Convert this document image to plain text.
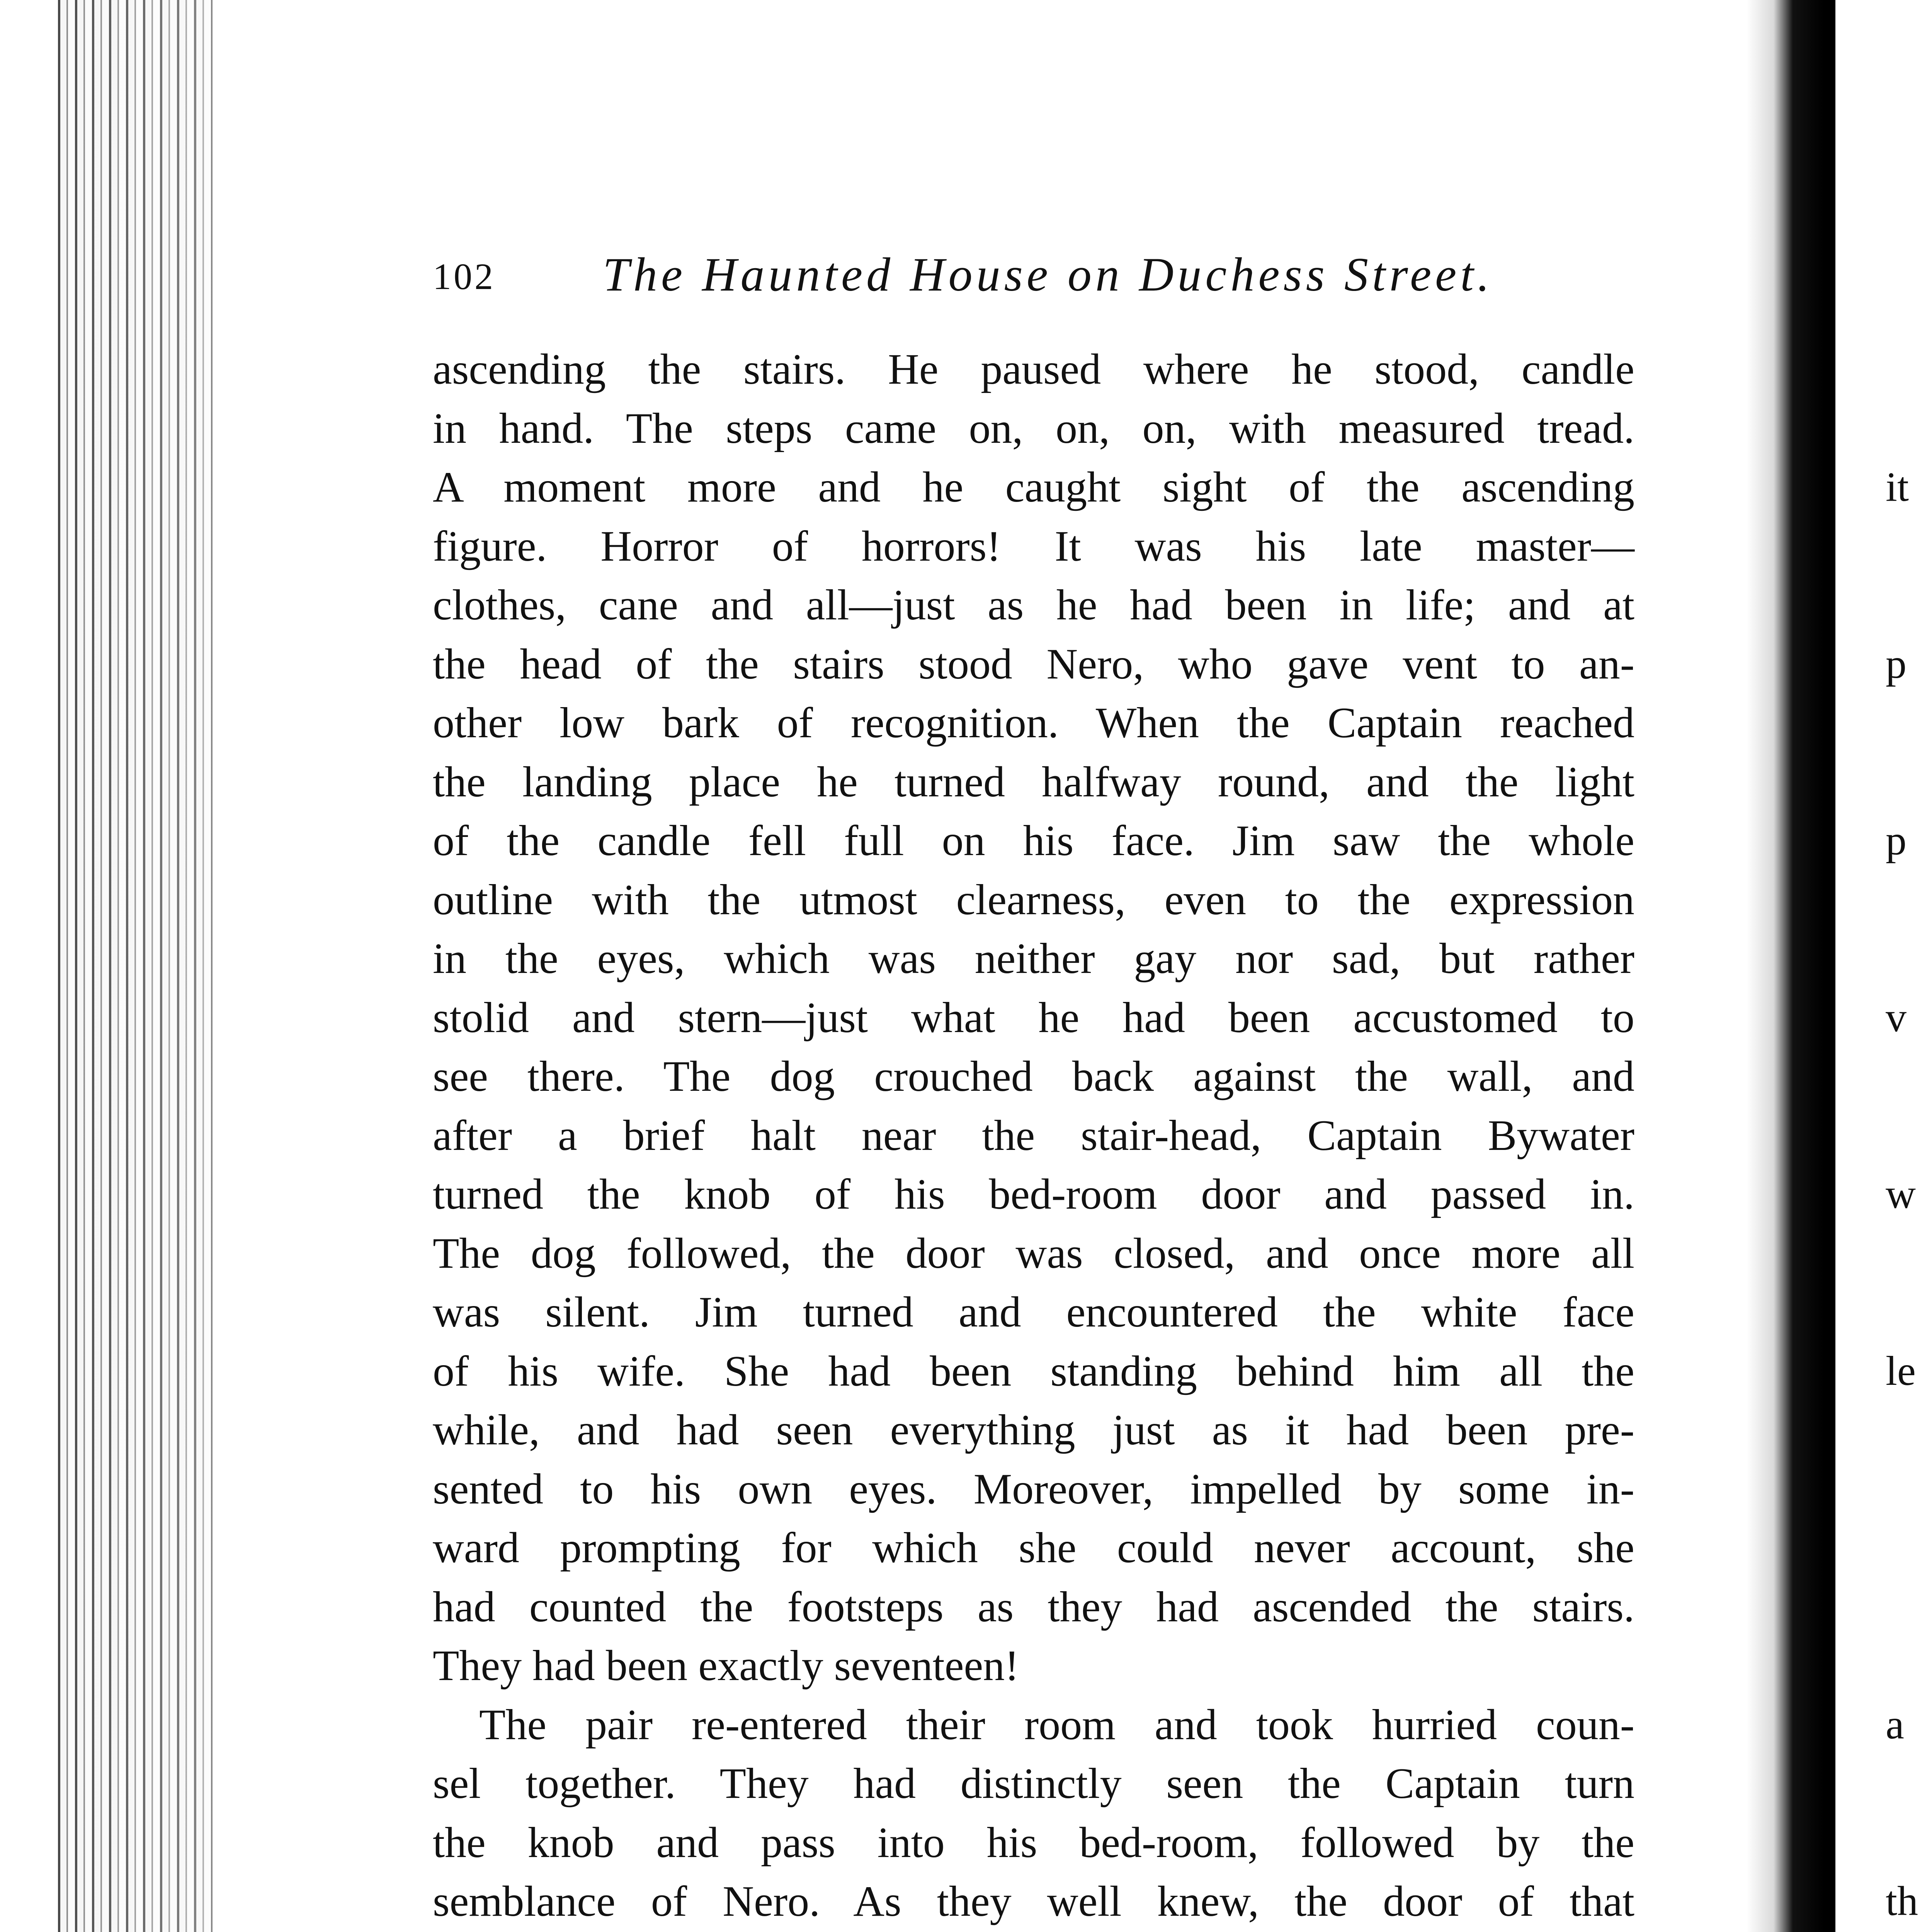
102 The Haunted House on Duchess Street.
ascending the stairs. He paused where he stood, candle
in hand. The steps came on, on, on, with measured tread.
A moment more and he caught sight of the ascending
figure. Horror of horrors! It was his late master—
clothes, cane and all—just as he had been in life; and at
the head of the stairs stood Nero, who gave vent to an-
other low bark of recognition. When the Captain reached
the landing place he turned halfway round, and the light
of the candle fell full on his face. Jim saw the whole
outline with the utmost clearness, even to the expression
in the eyes, which was neither gay nor sad, but rather
stolid and stern—just what he had been accustomed to
see there. The dog crouched back against the wall, and
after a brief halt near the stair-head, Captain Bywater
turned the knob of his bed-room door and passed in.
The dog followed, the door was closed, and once more all
was silent. Jim turned and encountered the white face
of his wife. She had been standing behind him all the
while, and had seen everything just as it had been pre-
sented to his own eyes. Moreover, impelled by some in-
ward prompting for which she could never account, she
had counted the footsteps as they had ascended the stairs.
They had been exactly seventeen!
The pair re-entered their room and took hurried coun-
sel together. They had distinctly seen the Captain turn
the knob and pass into his bed-room, followed by the
semblance of Nero. As they well knew, the door of that

it

p

p

v

w

le

a

th
